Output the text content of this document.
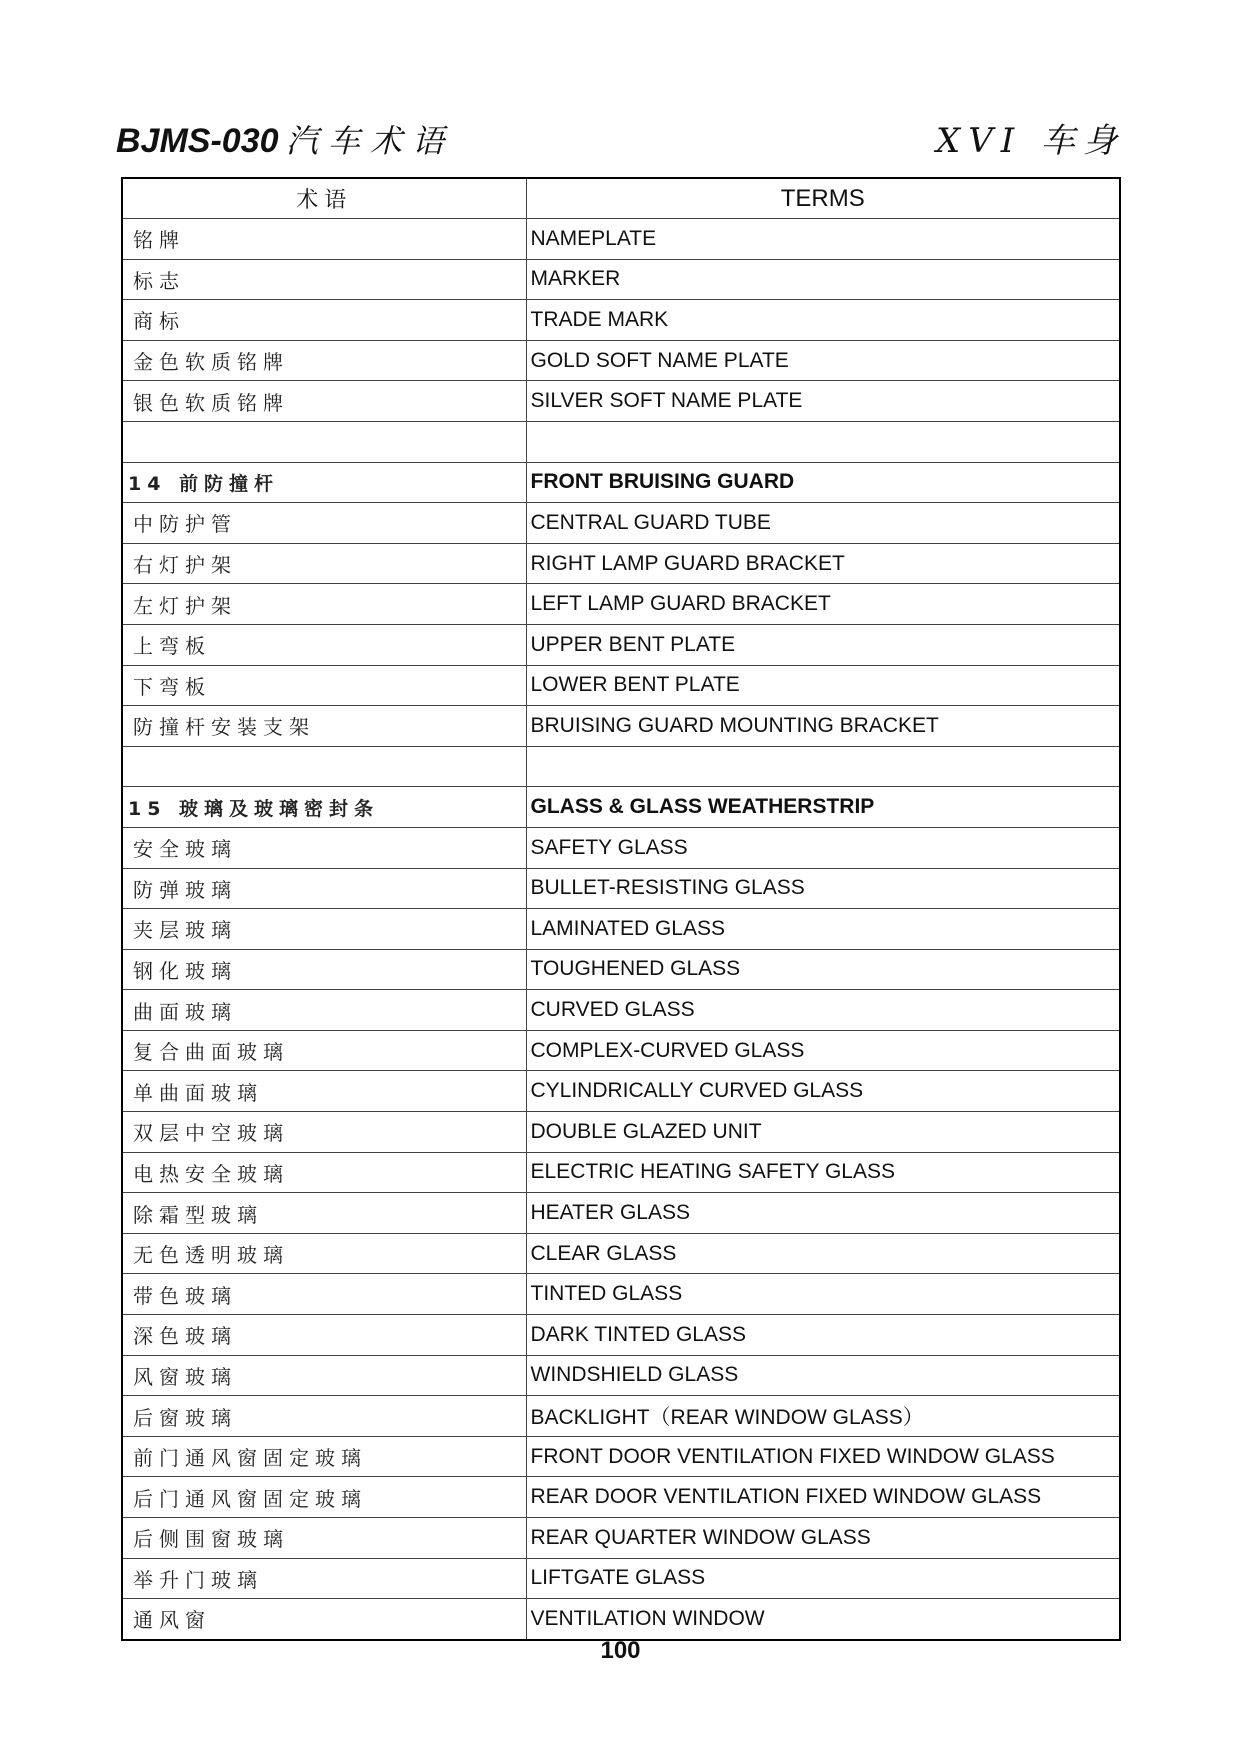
BJMS-030 汽车术语	XVI 车身
术语	TERMS
铭牌	NAMEPLATE
标志	MARKER
商标	TRADE MARK
金色软质铭牌	GOLD SOFT NAME PLATE
银色软质铭牌	SILVER SOFT NAME PLATE

14 前防撞杆	FRONT BRUISING GUARD
中防护管	CENTRAL GUARD TUBE
右灯护架	RIGHT LAMP GUARD BRACKET
左灯护架	LEFT LAMP GUARD BRACKET
上弯板	UPPER BENT PLATE
下弯板	LOWER BENT PLATE
防撞杆安装支架	BRUISING GUARD MOUNTING BRACKET

15 玻璃及玻璃密封条	GLASS & GLASS WEATHERSTRIP
安全玻璃	SAFETY GLASS
防弹玻璃	BULLET-RESISTING GLASS
夹层玻璃	LAMINATED GLASS
钢化玻璃	TOUGHENED GLASS
曲面玻璃	CURVED GLASS
复合曲面玻璃	COMPLEX-CURVED GLASS
单曲面玻璃	CYLINDRICALLY CURVED GLASS
双层中空玻璃	DOUBLE GLAZED UNIT
电热安全玻璃	ELECTRIC HEATING SAFETY GLASS
除霜型玻璃	HEATER GLASS
无色透明玻璃	CLEAR GLASS
带色玻璃	TINTED GLASS
深色玻璃	DARK TINTED GLASS
风窗玻璃	WINDSHIELD GLASS
后窗玻璃	BACKLIGHT（REAR WINDOW GLASS）
前门通风窗固定玻璃	FRONT DOOR VENTILATION FIXED WINDOW GLASS
后门通风窗固定玻璃	REAR DOOR VENTILATION FIXED WINDOW GLASS
后侧围窗玻璃	REAR QUARTER WINDOW GLASS
举升门玻璃	LIFTGATE GLASS
通风窗	VENTILATION WINDOW
100
